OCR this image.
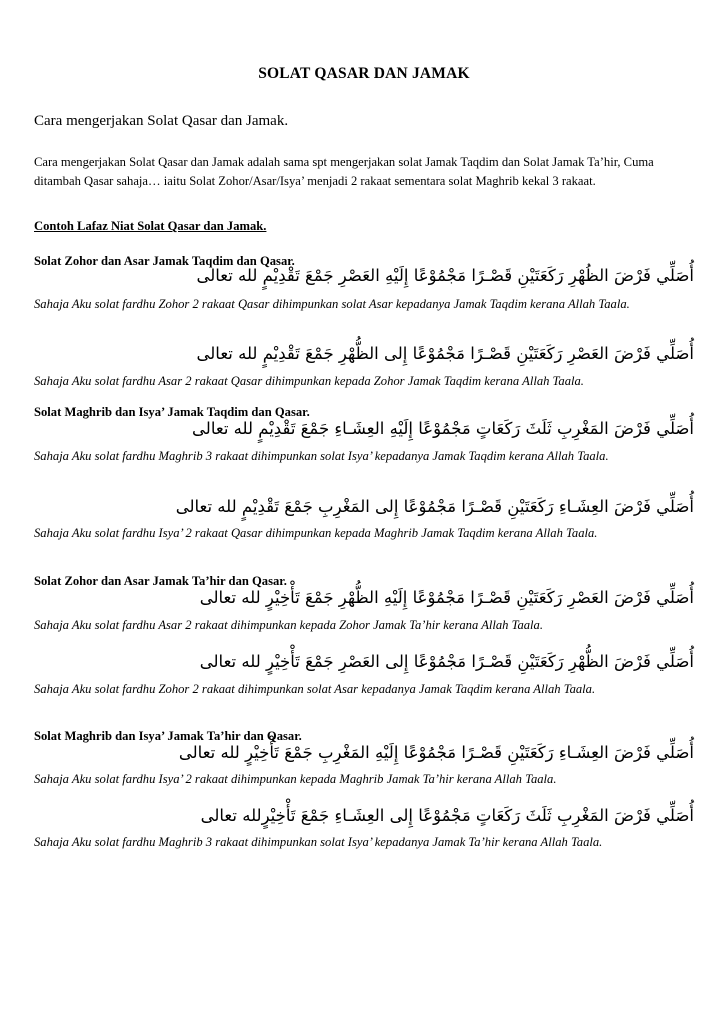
SOLAT QASAR DAN JAMAK
Cara mengerjakan Solat Qasar dan Jamak.
Cara mengerjakan Solat Qasar dan Jamak adalah sama spt mengerjakan solat Jamak Taqdim dan Solat Jamak Ta’hir, Cuma ditambah Qasar sahaja… iaitu Solat Zohor/Asar/Isya’ menjadi 2 rakaat sementara solat Maghrib kekal 3 rakaat.
Contoh Lafaz Niat Solat Qasar dan Jamak.
Solat Zohor dan Asar Jamak Taqdim dan Qasar.
أُصَلِّي فَرْضَ الظُهْرِ رَكَعَتَيْنِ قَصْـرًا مَجْمُوْعًا إِلَيْهِ العَصْرِ جَمْعَ تَقْدِيْمٍ لله تعالى
Sahaja Aku solat fardhu Zohor 2 rakaat Qasar dihimpunkan solat Asar kepadanya Jamak Taqdim kerana Allah Taala.
أُصَلِّي فَرْضَ العَصْرِ رَكَعَتَيْنِ قَصْـرًا مَجْمُوْعًا إِلى الظُّهْرِ جَمْعَ تَقْدِيْمٍ لله تعالى
Sahaja Aku solat fardhu Asar 2 rakaat Qasar dihimpunkan kepada Zohor Jamak Taqdim kerana Allah Taala.
Solat Maghrib dan Isya’ Jamak Taqdim dan Qasar.
أُصَلِّي فَرْضَ المَغْرِبِ ثَلَثَ رَكَعَاتٍ مَجْمُوْعًا إِلَيْهِ العِشَـاءِ جَمْعَ تَقْدِيْمٍ لله تعالى
Sahaja Aku solat fardhu Maghrib 3 rakaat dihimpunkan solat Isya’ kepadanya Jamak Taqdim kerana Allah Taala.
أُصَلِّي فَرْضَ العِشَـاءِ رَكَعَتَيْنِ قَصْـرًا مَجْمُوْعًا إِلى المَغْرِبِ جَمْعَ تَقْدِيْمٍ لله تعالى
Sahaja Aku solat fardhu Isya’ 2 rakaat Qasar dihimpunkan kepada Maghrib Jamak Taqdim kerana Allah Taala.
Solat Zohor dan Asar Jamak Ta’hir dan Qasar.
أُصَلِّي فَرْضَ العَصْرِ رَكَعَتَيْنِ قَصْـرًا مَجْمُوْعًا إِلَيْهِ الظُّهْرِ جَمْعَ تَأْخِيْرٍ لله تعالى
Sahaja Aku solat fardhu Asar 2 rakaat dihimpunkan kepada Zohor Jamak Ta’hir kerana Allah Taala.
أُصَلِّي فَرْضَ الظُّهْرِ رَكَعَتَيْنِ قَصْـرًا مَجْمُوْعًا إِلى العَصْرِ جَمْعَ تَأْخِيْرٍ لله تعالى
Sahaja Aku solat fardhu Zohor 2 rakaat dihimpunkan solat Asar kepadanya Jamak Taqdim kerana Allah Taala.
Solat Maghrib dan Isya’ Jamak Ta’hir dan Qasar.
أُصَلِّي فَرْضَ العِشَـاءِ رَكَعَتَيْنِ قَصْـرًا مَجْمُوْعًا إِلَيْهِ المَغْرِبِ جَمْعَ تَأْخِيْرٍ لله تعالى
Sahaja Aku solat fardhu Isya’ 2 rakaat dihimpunkan kepada Maghrib Jamak Ta’hir kerana Allah Taala.
أُصَلِّي فَرْضَ المَغْرِبِ ثَلَثَ رَكَعَاتٍ مَجْمُوْعًا إِلى العِشَـاءِ جَمْعَ تَأْخِيْرٍلله تعالى
Sahaja Aku solat fardhu Maghrib 3 rakaat dihimpunkan solat Isya’ kepadanya Jamak Ta’hir kerana Allah Taala.
